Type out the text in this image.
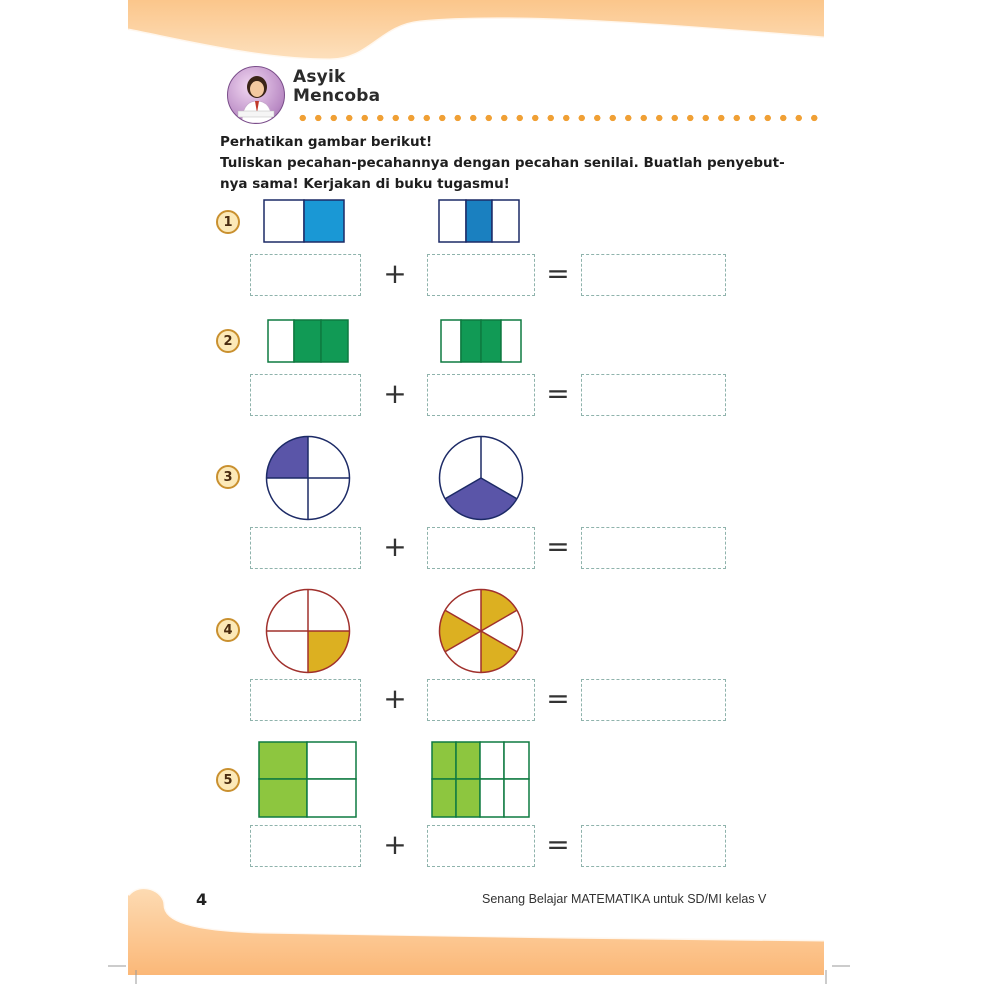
Asyik
Mencoba
Perhatikan gambar berikut!
Tuliskan pecahan-pecahannya dengan pecahan senilai. Buatlah penyebut-
nya sama! Kerjakan di buku tugasmu!
1
+	=
2
+	=
3
+	=
4
+	=
5
+	=
4	Senang Belajar MATEMATIKA untuk SD/MI kelas V
